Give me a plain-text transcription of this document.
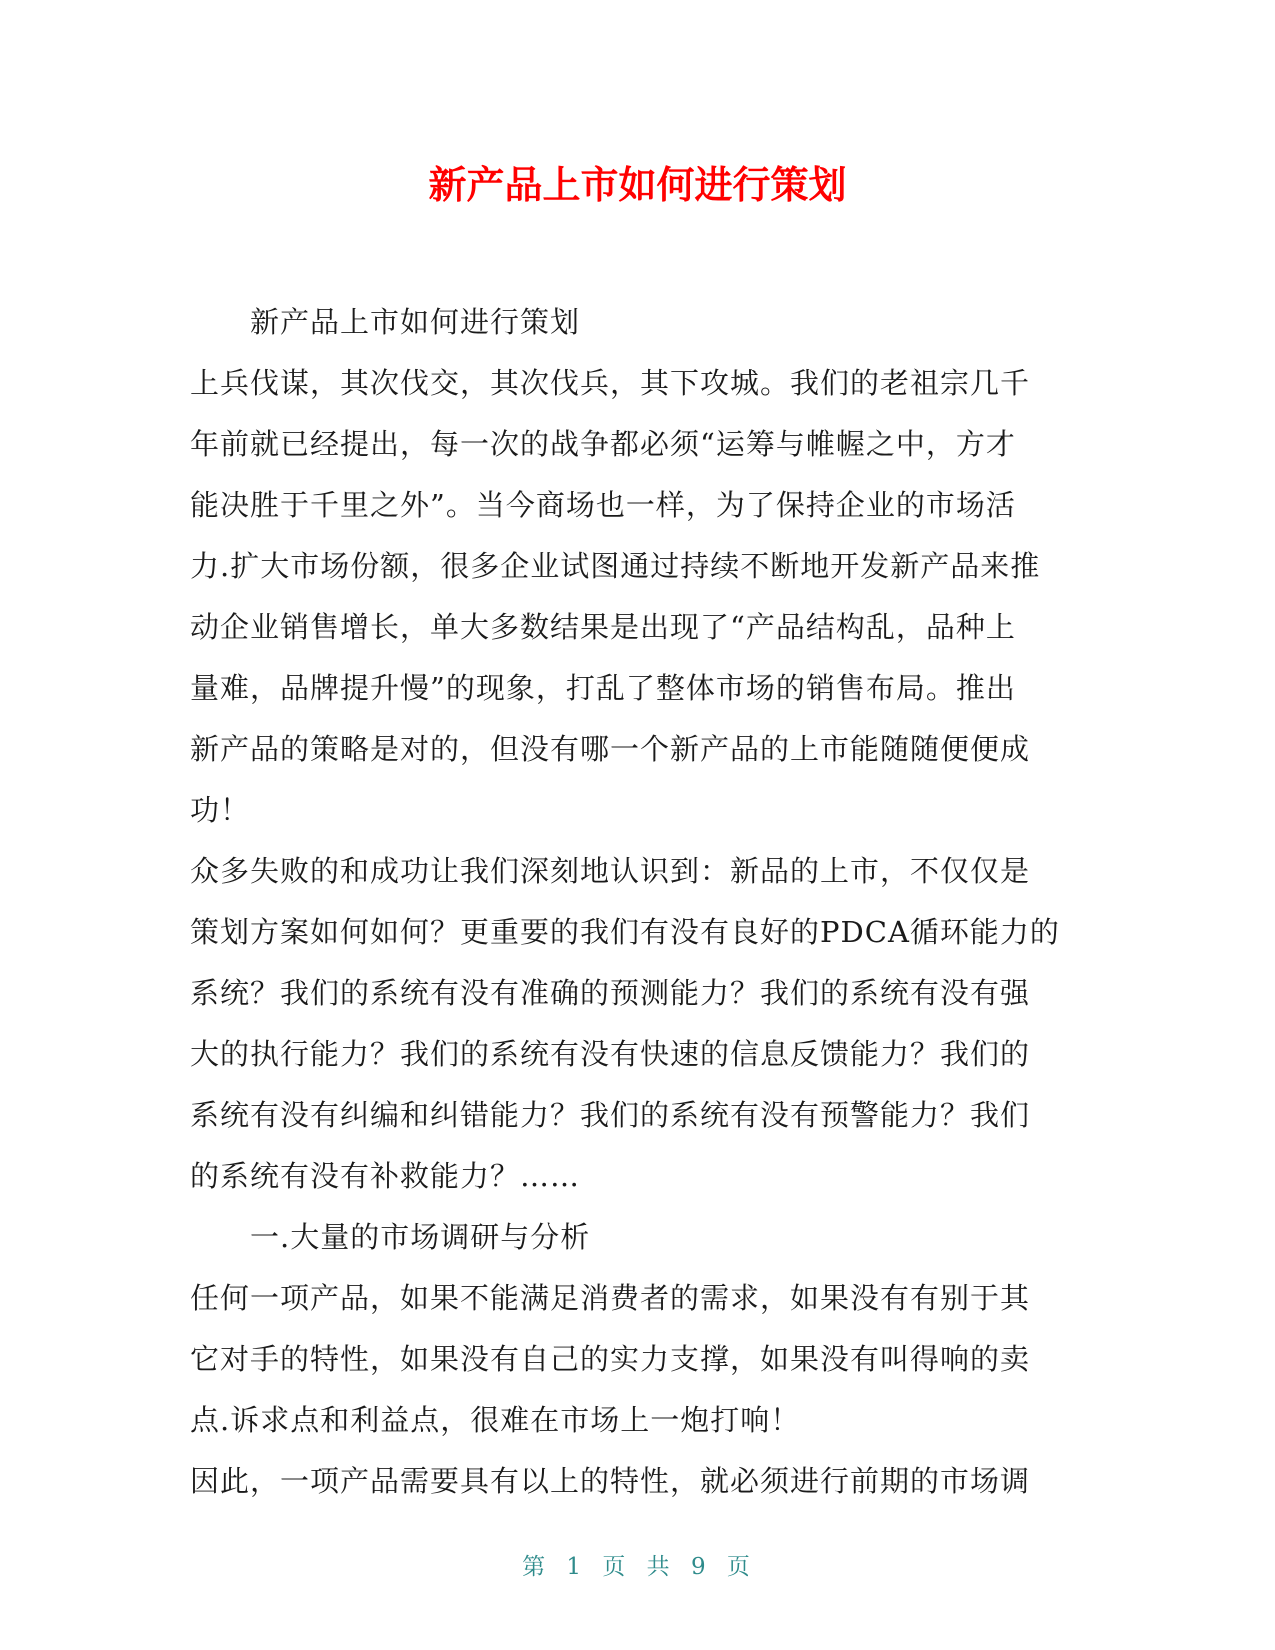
新产品上市如何进行策划
新产品上市如何进行策划
上兵伐谋，其次伐交，其次伐兵，其下攻城。我们的老祖宗几千
年前就已经提出，每一次的战争都必须“运筹与帷幄之中，方才
能决胜于千里之外”。当今商场也一样，为了保持企业的市场活
力.扩大市场份额，很多企业试图通过持续不断地开发新产品来推
动企业销售增长，单大多数结果是出现了“产品结构乱，品种上
量难，品牌提升慢”的现象，打乱了整体市场的销售布局。推出
新产品的策略是对的，但没有哪一个新产品的上市能随随便便成
功！
众多失败的和成功让我们深刻地认识到：新品的上市，不仅仅是
策划方案如何如何？更重要的我们有没有良好的PDCA循环能力的
系统？我们的系统有没有准确的预测能力？我们的系统有没有强
大的执行能力？我们的系统有没有快速的信息反馈能力？我们的
系统有没有纠编和纠错能力？我们的系统有没有预警能力？我们
的系统有没有补救能力？……
一.大量的市场调研与分析
任何一项产品，如果不能满足消费者的需求，如果没有有别于其
它对手的特性，如果没有自己的实力支撑，如果没有叫得响的卖
点.诉求点和利益点，很难在市场上一炮打响！
因此，一项产品需要具有以上的特性，就必须进行前期的市场调
第 1 页 共 9 页
